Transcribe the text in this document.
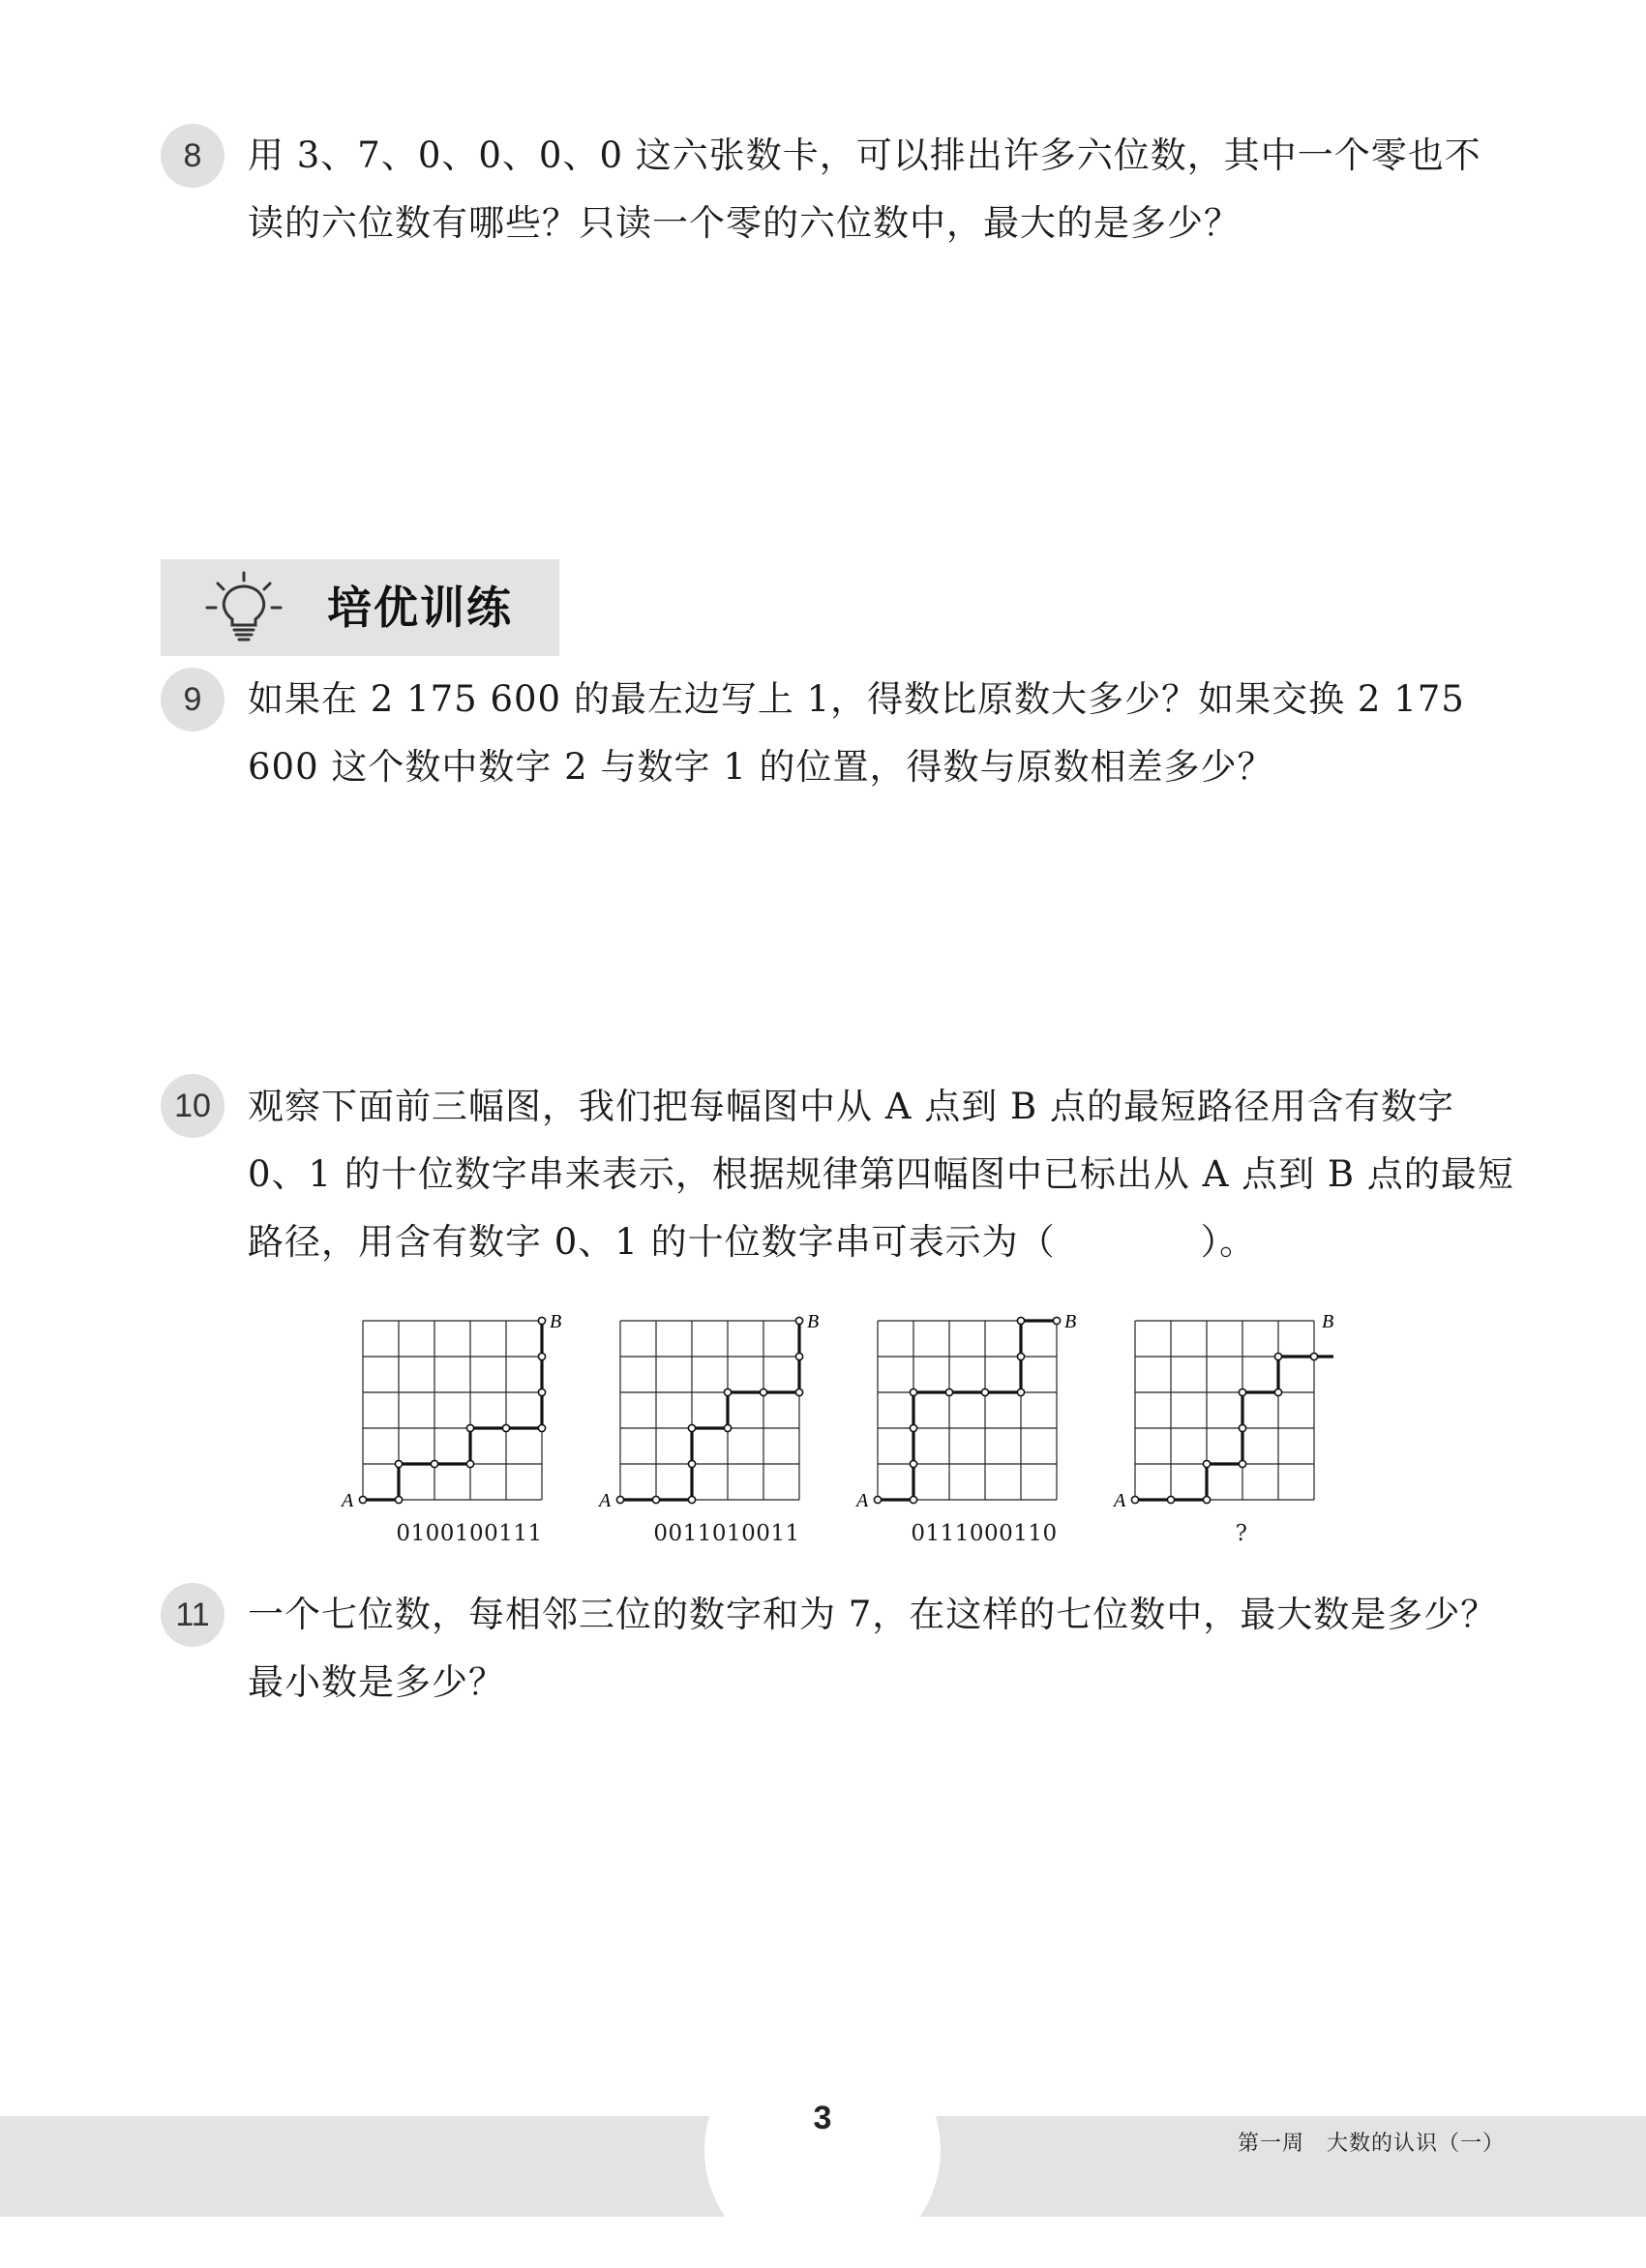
8	用 3、7、0、0、0、0 这六张数卡，可以排出许多六位数，其中一个零也不读的六位数有哪些？只读一个零的六位数中，最大的是多少？

培优训练
9	如果在 2 175 600 的最左边写上 1，得数比原数大多少？如果交换 2 175 600 这个数中数字 2 与数字 1 的位置，得数与原数相差多少？

10	观察下面前三幅图，我们把每幅图中从 A 点到 B 点的最短路径用含有数字 0、1 的十位数字串来表示，根据规律第四幅图中已标出从 A 点到 B 点的最短路径，用含有数字 0、1 的十位数字串可表示为（	）。

A
B
0100100111
A
B
0011010011
A
B
0111000110
A
B
?
11	一个七位数，每相邻三位的数字和为 7，在这样的七位数中，最大数是多少？最小数是多少？

3
第一周　大数的认识（一）
